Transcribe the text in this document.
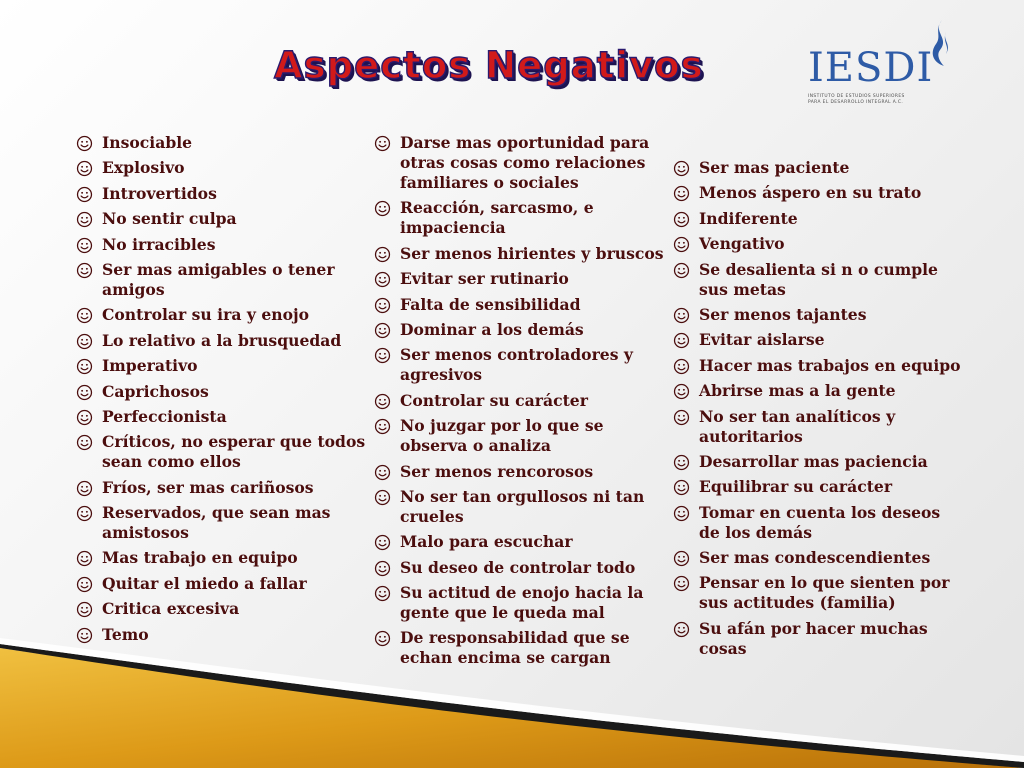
Aspectos Negativos	IESDI
INSTITUTO DE ESTUDIOS SUPERIORES
PARA EL DESARROLLO INTEGRAL A.C.
Insociable
Explosivo
Introvertidos
No sentir culpa
No irracibles
Ser mas amigables o tener amigos
Controlar su ira y enojo
Lo relativo a la brusquedad
Imperativo
Caprichosos
Perfeccionista
Críticos, no esperar que todos sean como ellos
Fríos, ser mas cariñosos
Reservados, que sean mas amistosos
Mas trabajo en equipo
Quitar el miedo a fallar
Critica excesiva
Temo
Darse mas oportunidad para otras cosas como relaciones familiares o sociales
Reacción, sarcasmo, e impaciencia
Ser menos hirientes y bruscos
Evitar ser rutinario
Falta de sensibilidad
Dominar a los demás
Ser menos controladores y agresivos
Controlar su carácter
No juzgar por lo que se observa o analiza
Ser menos rencorosos
No ser tan orgullosos ni tan crueles
Malo para escuchar
Su deseo de controlar todo
Su actitud de enojo hacia la gente que le queda mal
De responsabilidad que se echan encima se cargan
Ser mas paciente
Menos áspero en su trato
Indiferente
Vengativo
Se desalienta si n o cumple sus metas
Ser menos tajantes
Evitar aislarse
Hacer mas trabajos en equipo
Abrirse mas a la gente
No ser tan analíticos y autoritarios
Desarrollar mas paciencia
Equilibrar su carácter
Tomar en cuenta los deseos de los demás
Ser mas condescendientes
Pensar en lo que sienten por sus actitudes (familia)
Su afán por hacer muchas cosas
